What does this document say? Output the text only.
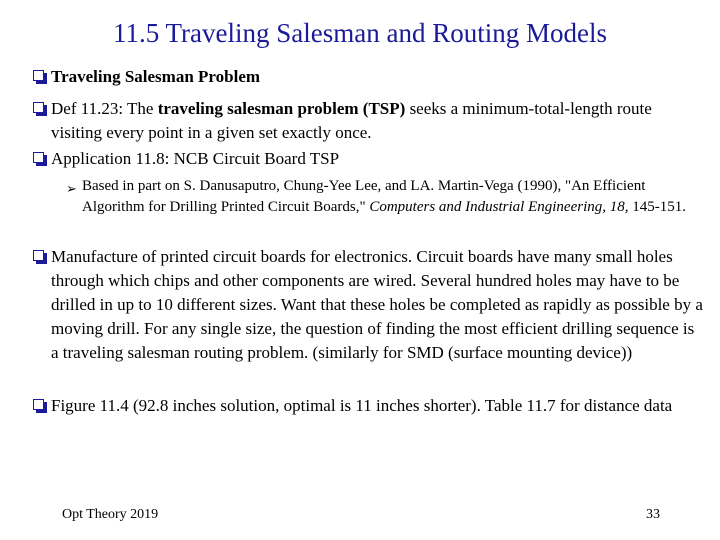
11.5 Traveling Salesman and Routing Models
Traveling Salesman Problem
Def 11.23: The traveling salesman problem (TSP) seeks a minimum-total-length route visiting every point in a given set exactly once.
Application 11.8: NCB Circuit Board TSP
➢ Based in part on S. Danusaputro, Chung-Yee Lee, and LA. Martin-Vega (1990), "An Efficient Algorithm for Drilling Printed Circuit Boards," Computers and Industrial Engineering, 18, 145-151.
Manufacture of printed circuit boards for electronics. Circuit boards have many small holes through which chips and other components are wired. Several hundred holes may have to be drilled in up to 10 different sizes. Want that these holes be completed as rapidly as possible by a moving drill. For any single size, the question of finding the most efficient drilling sequence is a traveling salesman routing problem. (similarly for SMD (surface mounting device))
Figure 11.4 (92.8 inches solution, optimal is 11 inches shorter). Table 11.7 for distance data
Opt Theory 2019	33
